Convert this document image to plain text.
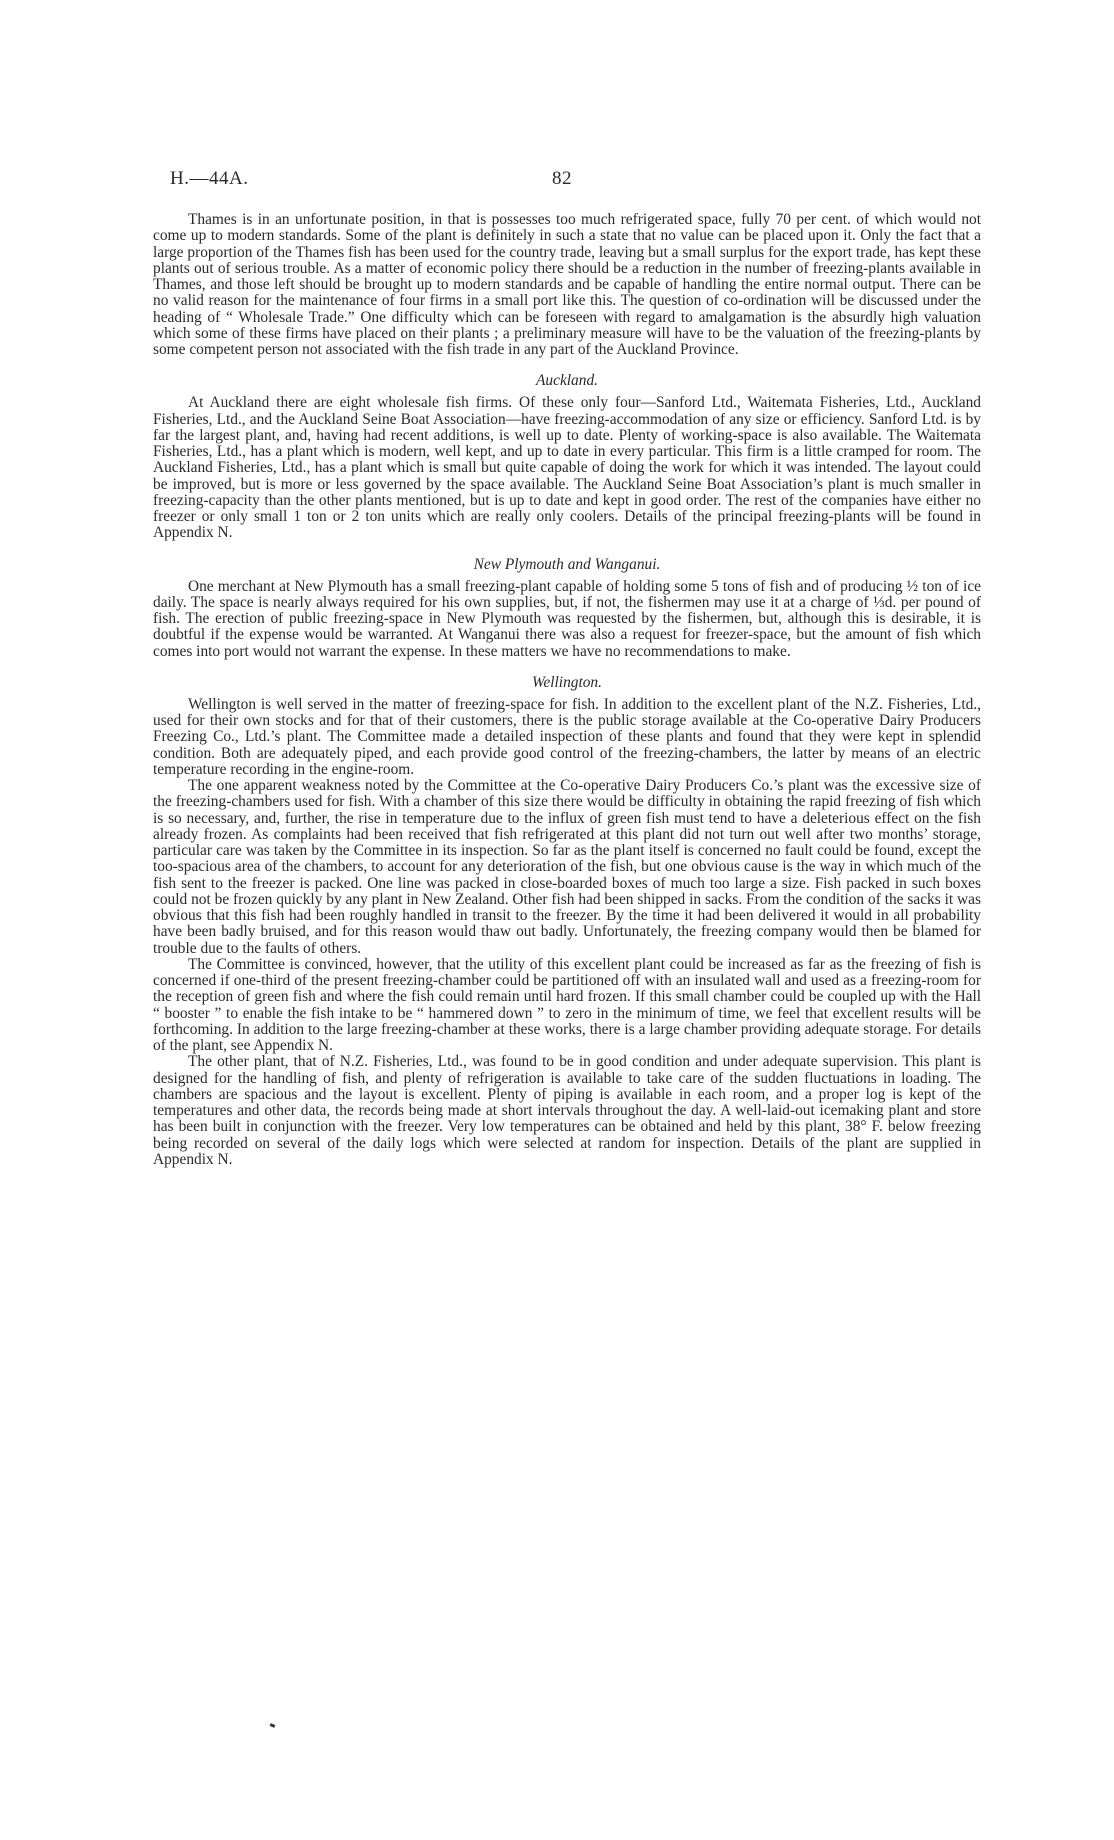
H.—44A.	82

Thames is in an unfortunate position, in that is possesses too much refrigerated space, fully 70 per cent. of which would not come up to modern standards. Some of the plant is definitely in such a state that no value can be placed upon it. Only the fact that a large proportion of the Thames fish has been used for the country trade, leaving but a small surplus for the export trade, has kept these plants out of serious trouble. As a matter of economic policy there should be a reduction in the number of freezing-plants available in Thames, and those left should be brought up to modern standards and be capable of handling the entire normal output. There can be no valid reason for the maintenance of four firms in a small port like this. The question of co-ordination will be discussed under the heading of “ Wholesale Trade.” One difficulty which can be foreseen with regard to amalgamation is the absurdly high valuation which some of these firms have placed on their plants ; a preliminary measure will have to be the valuation of the freezing-plants by some competent person not associated with the fish trade in any part of the Auckland Province.

Auckland.

At Auckland there are eight wholesale fish firms. Of these only four—Sanford Ltd., Waitemata Fisheries, Ltd., Auckland Fisheries, Ltd., and the Auckland Seine Boat Association—have freezing-accommodation of any size or efficiency. Sanford Ltd. is by far the largest plant, and, having had recent additions, is well up to date. Plenty of working-space is also available. The Waitemata Fisheries, Ltd., has a plant which is modern, well kept, and up to date in every particular. This firm is a little cramped for room. The Auckland Fisheries, Ltd., has a plant which is small but quite capable of doing the work for which it was intended. The layout could be improved, but is more or less governed by the space available. The Auckland Seine Boat Association’s plant is much smaller in freezing-capacity than the other plants mentioned, but is up to date and kept in good order. The rest of the companies have either no freezer or only small 1 ton or 2 ton units which are really only coolers. Details of the principal freezing-plants will be found in Appendix N.

New Plymouth and Wanganui.

One merchant at New Plymouth has a small freezing-plant capable of holding some 5 tons of fish and of producing ½ ton of ice daily. The space is nearly always required for his own supplies, but, if not, the fishermen may use it at a charge of ⅓d. per pound of fish. The erection of public freezing-space in New Plymouth was requested by the fishermen, but, although this is desirable, it is doubtful if the expense would be warranted. At Wanganui there was also a request for freezer-space, but the amount of fish which comes into port would not warrant the expense. In these matters we have no recommendations to make.

Wellington.

Wellington is well served in the matter of freezing-space for fish. In addition to the excellent plant of the N.Z. Fisheries, Ltd., used for their own stocks and for that of their customers, there is the public storage available at the Co-operative Dairy Producers Freezing Co., Ltd.’s plant. The Committee made a detailed inspection of these plants and found that they were kept in splendid condition. Both are adequately piped, and each provide good control of the freezing-chambers, the latter by means of an electric temperature recording in the engine-room.

The one apparent weakness noted by the Committee at the Co-operative Dairy Producers Co.’s plant was the excessive size of the freezing-chambers used for fish. With a chamber of this size there would be difficulty in obtaining the rapid freezing of fish which is so necessary, and, further, the rise in temperature due to the influx of green fish must tend to have a deleterious effect on the fish already frozen. As complaints had been received that fish refrigerated at this plant did not turn out well after two months’ storage, particular care was taken by the Committee in its inspection. So far as the plant itself is concerned no fault could be found, except the too-spacious area of the chambers, to account for any deterioration of the fish, but one obvious cause is the way in which much of the fish sent to the freezer is packed. One line was packed in close-boarded boxes of much too large a size. Fish packed in such boxes could not be frozen quickly by any plant in New Zealand. Other fish had been shipped in sacks. From the condition of the sacks it was obvious that this fish had been roughly handled in transit to the freezer. By the time it had been delivered it would in all probability have been badly bruised, and for this reason would thaw out badly. Unfortunately, the freezing company would then be blamed for trouble due to the faults of others.

The Committee is convinced, however, that the utility of this excellent plant could be increased as far as the freezing of fish is concerned if one-third of the present freezing-chamber could be partitioned off with an insulated wall and used as a freezing-room for the reception of green fish and where the fish could remain until hard frozen. If this small chamber could be coupled up with the Hall “ booster ” to enable the fish intake to be “ hammered down ” to zero in the minimum of time, we feel that excellent results will be forthcoming. In addition to the large freezing-chamber at these works, there is a large chamber providing adequate storage. For details of the plant, see Appendix N.

The other plant, that of N.Z. Fisheries, Ltd., was found to be in good condition and under adequate supervision. This plant is designed for the handling of fish, and plenty of refrigeration is available to take care of the sudden fluctuations in loading. The chambers are spacious and the layout is excellent. Plenty of piping is available in each room, and a proper log is kept of the temperatures and other data, the records being made at short intervals throughout the day. A well-laid-out icemaking plant and store has been built in conjunction with the freezer. Very low temperatures can be obtained and held by this plant, 38° F. below freezing being recorded on several of the daily logs which were selected at random for inspection. Details of the plant are supplied in Appendix N.
